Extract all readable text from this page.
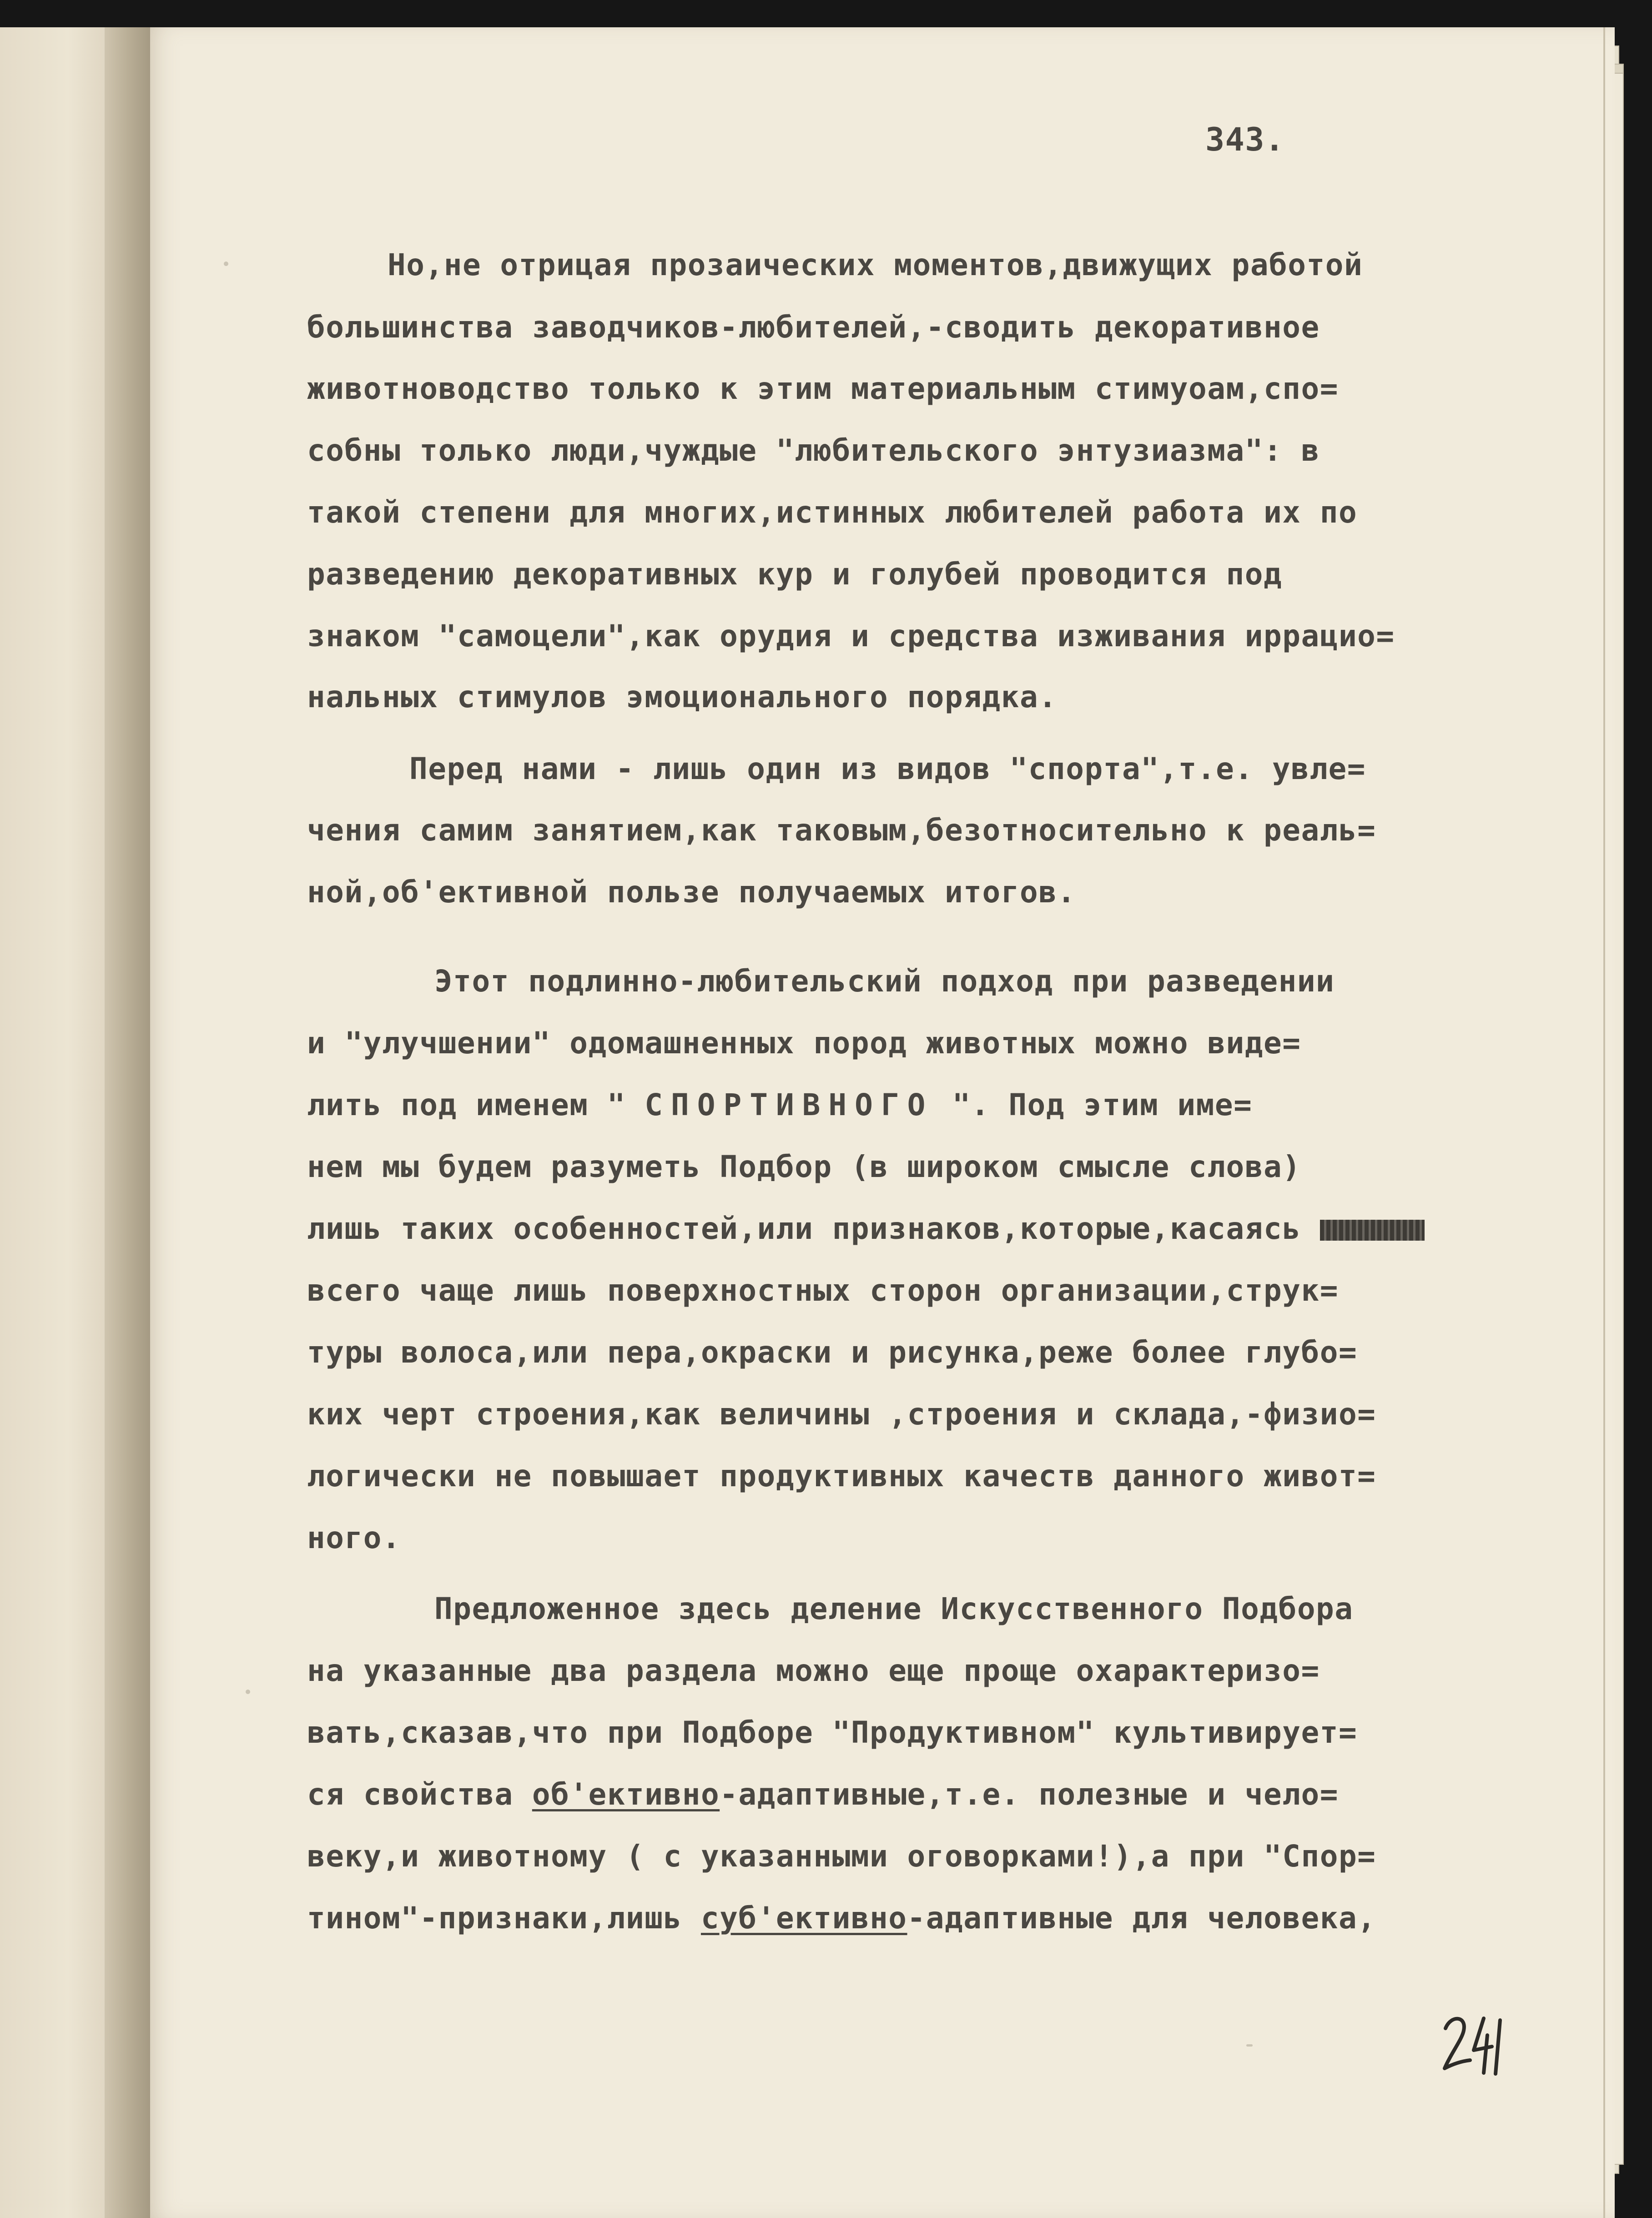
343.
Но,не отрицая прозаических моментов,движущих работой
большинства заводчиков-любителей,-сводить декоративное
животноводство только к этим материальным стимуоам,спо=
собны только люди,чуждые "любительского энтузиазма": в
такой степени для многих,истинных любителей работа их по
разведению декоративных кур и голубей проводится под
знаком "самоцели",как орудия и средства изживания иррацио=
нальных стимулов эмоционального порядка.
Перед нами - лишь один из видов "спорта",т.е. увле=
чения самим занятием,как таковым,безотносительно к реаль=
ной,об'ективной пользе получаемых итогов.
Этот подлинно-любительский подход при разведении
и "улучшении" одомашненных пород животных можно виде=
лить под именем " СПОРТИВНОГО ". Под этим име=
нем мы будем разуметь Подбор (в широком смысле слова)
лишь таких особенностей,или признаков,которые,касаясь
всего чаще лишь поверхностных сторон организации,струк=
туры волоса,или пера,окраски и рисунка,реже более глубо=
ких черт строения,как величины ,строения и склада,-физио=
логически не повышает продуктивных качеств данного живот=
ного.
Предложенное здесь деление Искусственного Подбора
на указанные два раздела можно еще проще охарактеризо=
вать,сказав,что при Подборе "Продуктивном" культивирует=
ся свойства об'ективно-адаптивные,т.е. полезные и чело=
веку,и животному ( с указанными оговорками!),а при "Спор=
тином"-признаки,лишь суб'ективно-адаптивные для человека,
